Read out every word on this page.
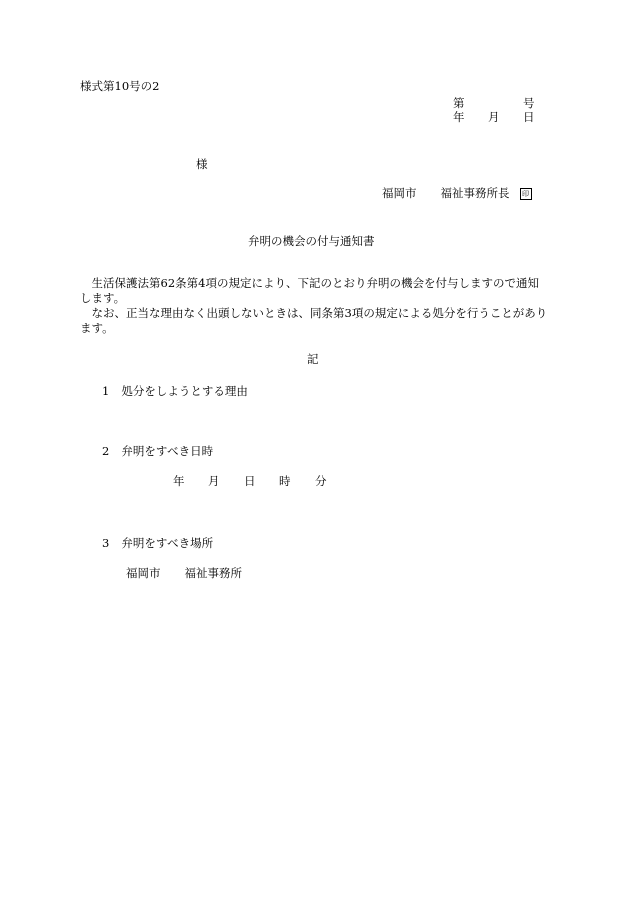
様式第10号の2
第	号
年 月 日
様
福岡市 福祉事務所長 印
弁明の機会の付与通知書
生活保護法第62条第4項の規定により、下記のとおり弁明の機会を付与しますので通知します。
なお、正当な理由なく出頭しないときは、同条第3項の規定による処分を行うことがあります。
記
1 処分をしようとする理由
2 弁明をすべき日時
年 月 日 時 分
3 弁明をすべき場所
福岡市 福祉事務所
